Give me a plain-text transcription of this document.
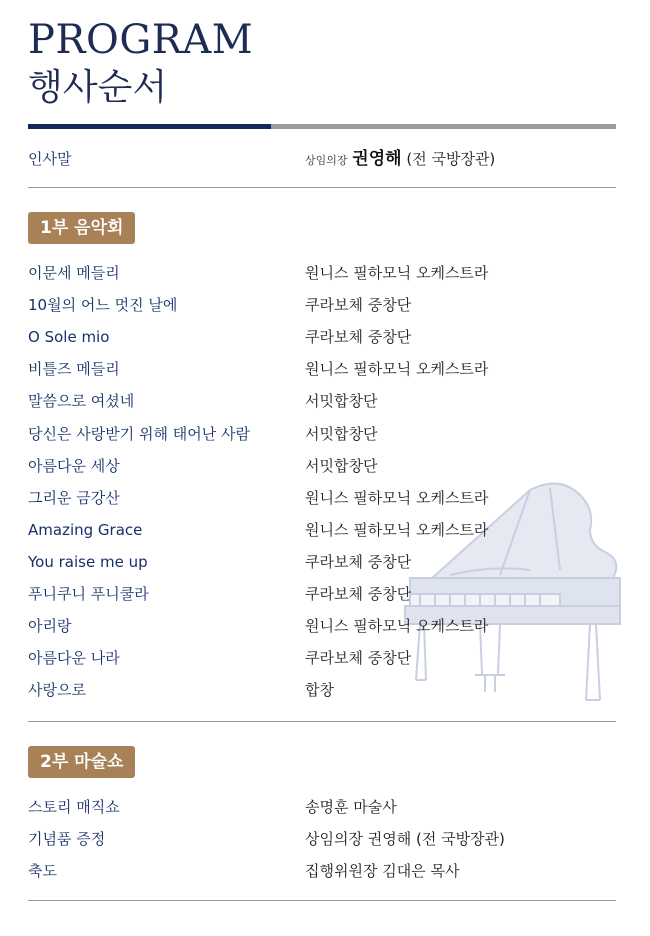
PROGRAM
행사순서
인사말	상임의장 권영해 (전 국방장관)
1부 음악회
이문세 메들리	원니스 필하모닉 오케스트라
10월의 어느 멋진 날에	쿠라보체 중창단
O Sole mio	쿠라보체 중창단
비틀즈 메들리	원니스 필하모닉 오케스트라
말씀으로 여셨네	서밋합창단
당신은 사랑받기 위해 태어난 사람	서밋합창단
아름다운 세상	서밋합창단
그리운 금강산	원니스 필하모닉 오케스트라
Amazing Grace	원니스 필하모닉 오케스트라
You raise me up	쿠라보체 중창단
푸니쿠니 푸니쿨라	쿠라보체 중창단
아리랑	원니스 필하모닉 오케스트라
아름다운 나라	쿠라보체 중창단
사랑으로	합창
2부 마술쇼
스토리 매직쇼	송명훈 마술사
기념품 증정	상임의장 권영해 (전 국방장관)
축도	집행위원장 김대은 목사
